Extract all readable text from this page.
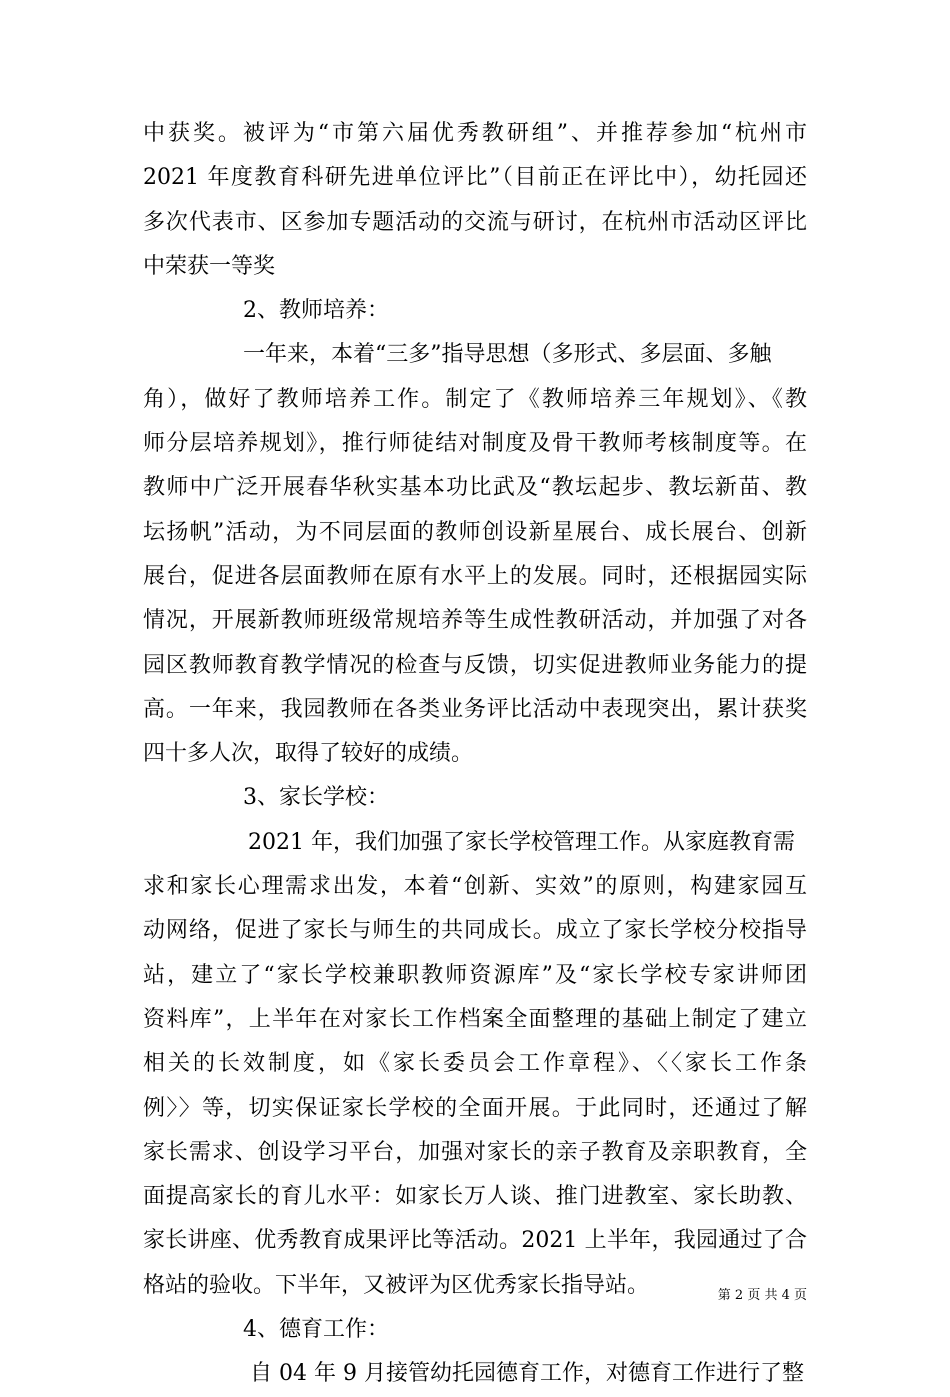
中获奖。被评为“市第六届优秀教研组”、并推荐参加“杭州市
2021 年度教育科研先进单位评比”（目前正在评比中），幼托园还
多次代表市、区参加专题活动的交流与研讨，在杭州市活动区评比
中荣获一等奖
2、教师培养：
一年来，本着“三多”指导思想（多形式、多层面、多触
角），做好了教师培养工作。制定了《教师培养三年规划》、《教
师分层培养规划》，推行师徒结对制度及骨干教师考核制度等。在
教师中广泛开展春华秋实基本功比武及“教坛起步、教坛新苗、教
坛扬帆”活动，为不同层面的教师创设新星展台、成长展台、创新
展台，促进各层面教师在原有水平上的发展。同时，还根据园实际
情况，开展新教师班级常规培养等生成性教研活动，并加强了对各
园区教师教育教学情况的检查与反馈，切实促进教师业务能力的提
高。一年来，我园教师在各类业务评比活动中表现突出，累计获奖
四十多人次，取得了较好的成绩。
3、家长学校：
2021 年，我们加强了家长学校管理工作。从家庭教育需
求和家长心理需求出发，本着“创新、实效”的原则，构建家园互
动网络，促进了家长与师生的共同成长。成立了家长学校分校指导
站，建立了“家长学校兼职教师资源库”及“家长学校专家讲师团
资料库”，上半年在对家长工作档案全面整理的基础上制定了建立
相关的长效制度，如《家长委员会工作章程》、〈〈家长工作条
例〉〉等，切实保证家长学校的全面开展。于此同时，还通过了解
家长需求、创设学习平台，加强对家长的亲子教育及亲职教育，全
面提高家长的育儿水平：如家长万人谈、推门进教室、家长助教、
家长讲座、优秀教育成果评比等活动。2021 上半年，我园通过了合
格站的验收。下半年，又被评为区优秀家长指导站。
4、德育工作：
自 04 年 9 月接管幼托园德育工作，对德育工作进行了整
第 2 页 共 4 页
